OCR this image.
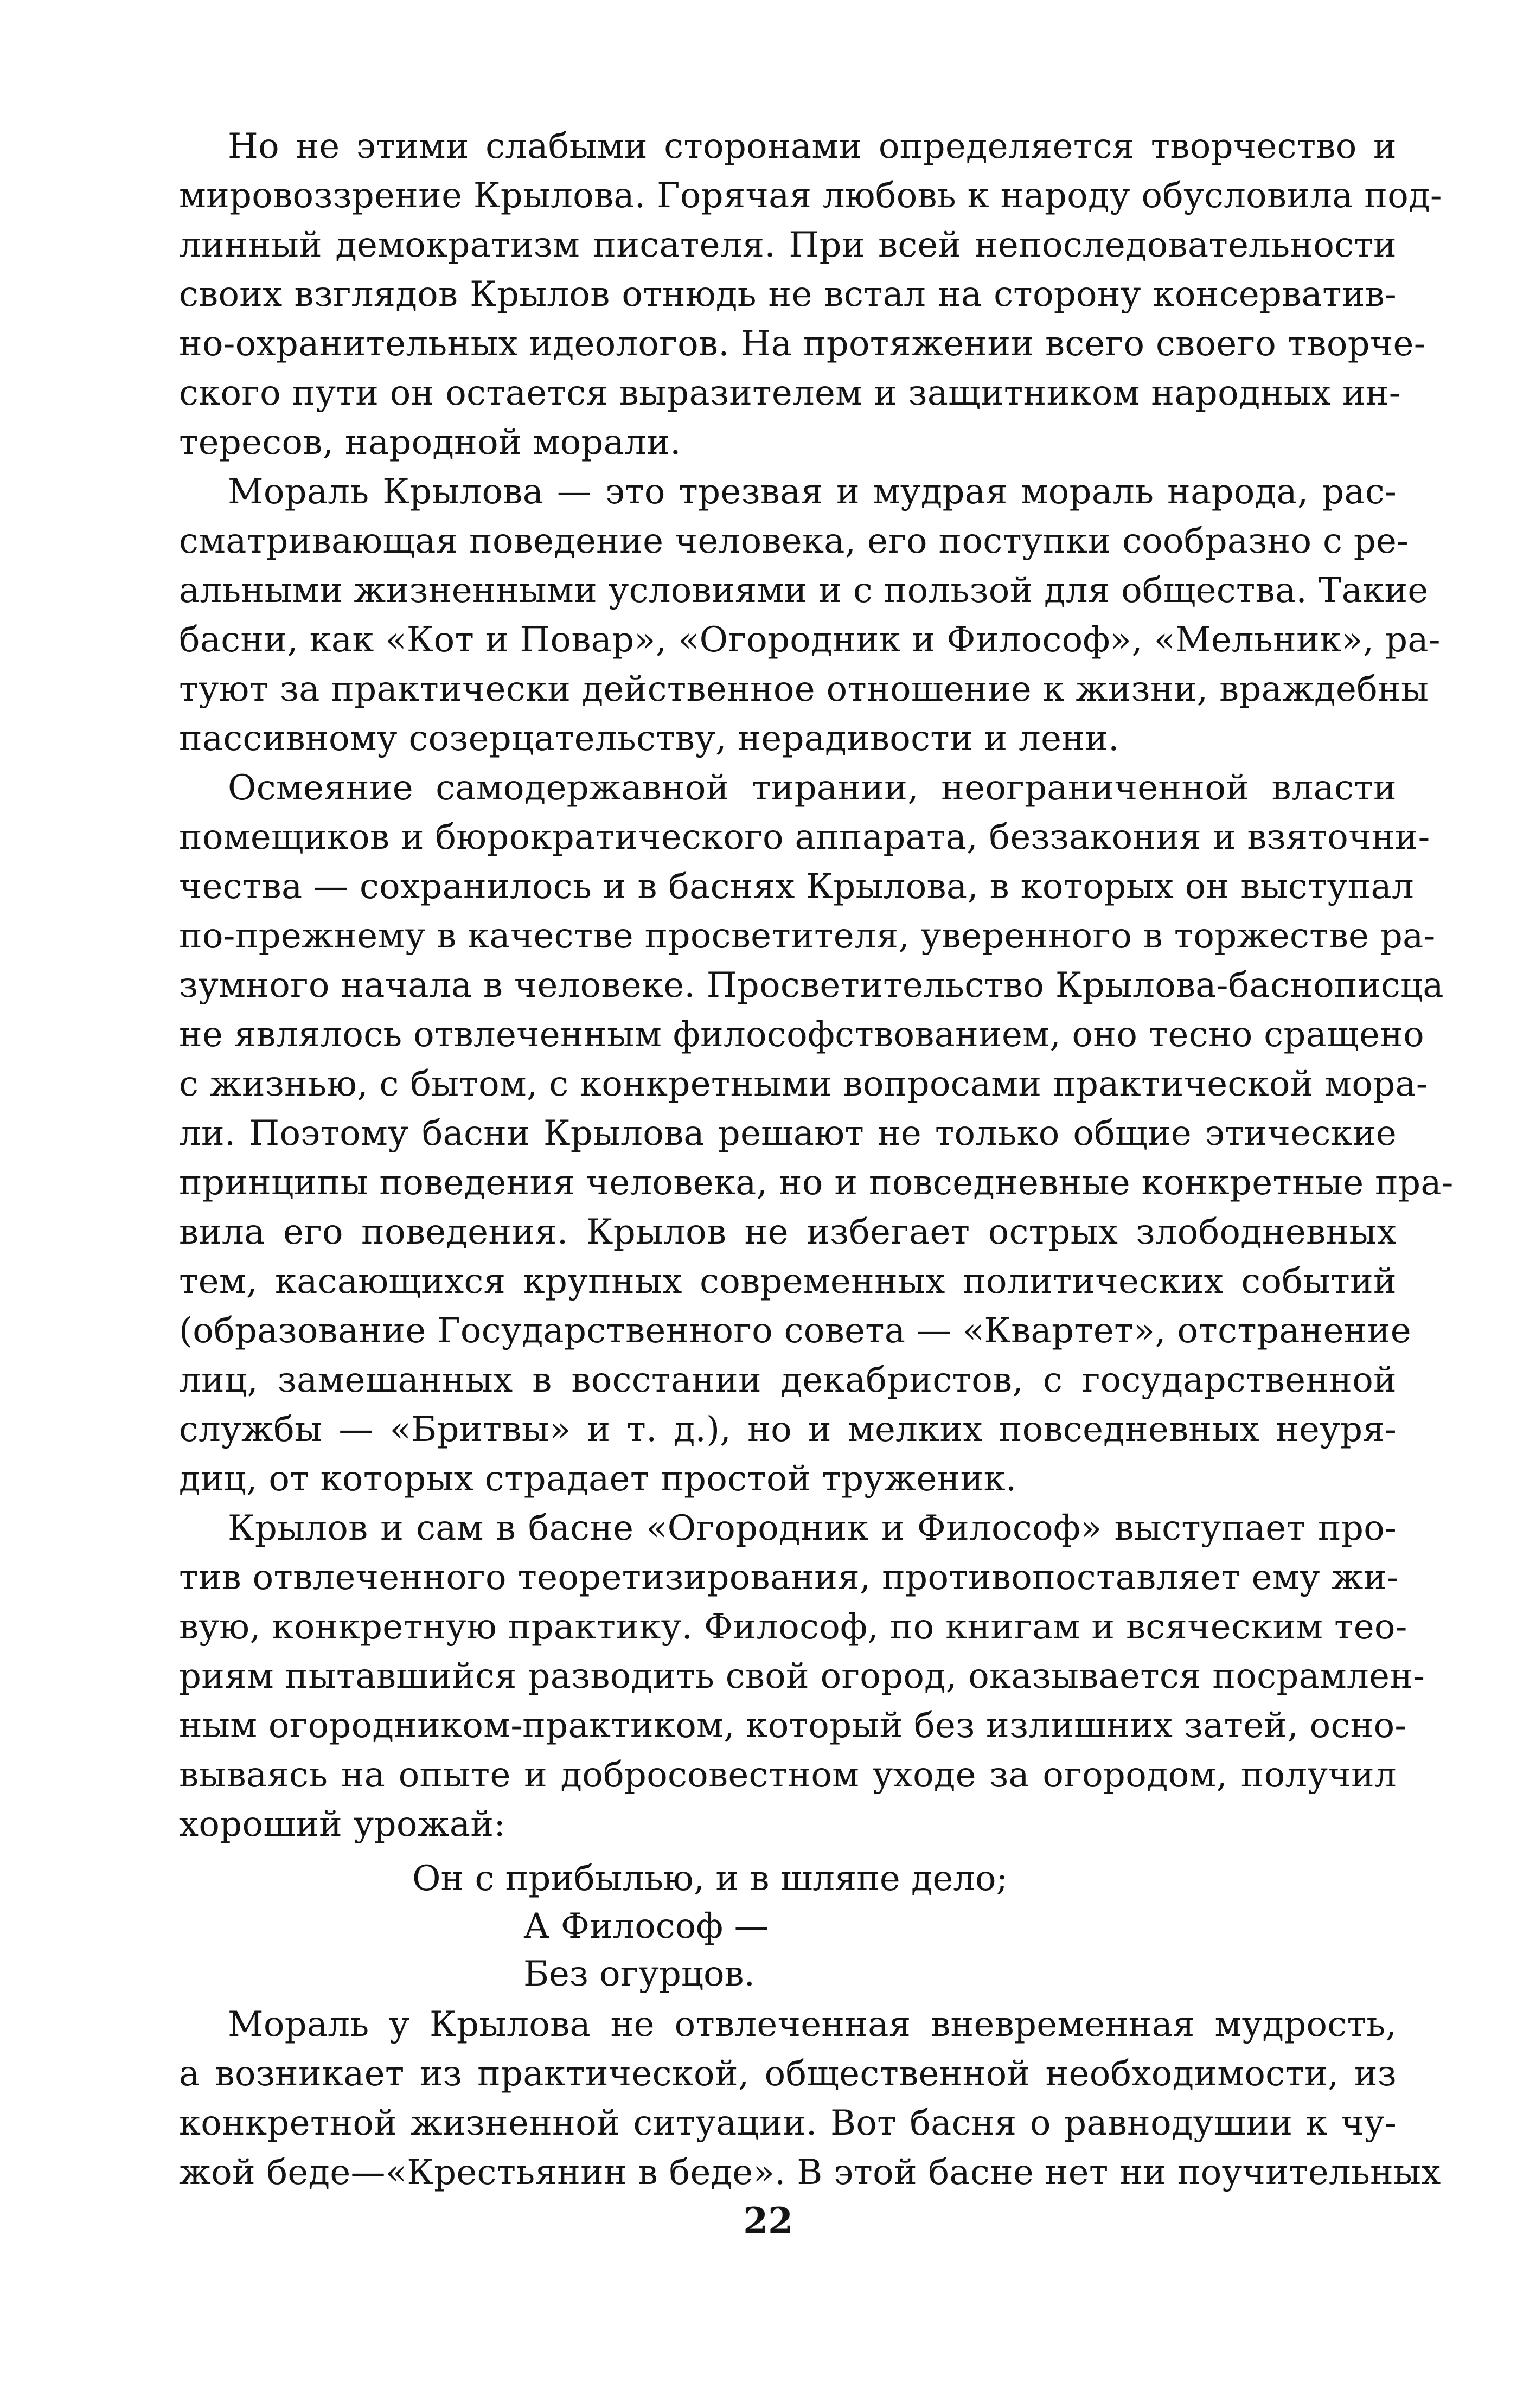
Но не этими слабыми сторонами определяется творчество и
мировоззрение Крылова. Горячая любовь к народу обусловила под-
линный демократизм писателя. При всей непоследовательности
своих взглядов Крылов отнюдь не встал на сторону консерватив-
но-охранительных идеологов. На протяжении всего своего творче-
ского пути он остается выразителем и защитником народных ин-
тересов, народной морали.
Мораль Крылова — это трезвая и мудрая мораль народа, рас-
сматривающая поведение человека, его поступки сообразно с ре-
альными жизненными условиями и с пользой для общества. Такие
басни, как «Кот и Повар», «Огородник и Философ», «Мельник», ра-
туют за практически действенное отношение к жизни, враждебны
пассивному созерцательству, нерадивости и лени.
Осмеяние самодержавной тирании, неограниченной власти
помещиков и бюрократического аппарата, беззакония и взяточни-
чества — сохранилось и в баснях Крылова, в которых он выступал
по-прежнему в качестве просветителя, уверенного в торжестве ра-
зумного начала в человеке. Просветительство Крылова-баснописца
не являлось отвлеченным философствованием, оно тесно сращено
с жизнью, с бытом, с конкретными вопросами практической мора-
ли. Поэтому басни Крылова решают не только общие этические
принципы поведения человека, но и повседневные конкретные пра-
вила его поведения. Крылов не избегает острых злободневных
тем, касающихся крупных современных политических событий
(образование Государственного совета — «Квартет», отстранение
лиц, замешанных в восстании декабристов, с государственной
службы — «Бритвы» и т. д.), но и мелких повседневных неуря-
диц, от которых страдает простой труженик.
Крылов и сам в басне «Огородник и Философ» выступает про-
тив отвлеченного теоретизирования, противопоставляет ему жи-
вую, конкретную практику. Философ, по книгам и всяческим тео-
риям пытавшийся разводить свой огород, оказывается посрамлен-
ным огородником-практиком, который без излишних затей, осно-
вываясь на опыте и добросовестном уходе за огородом, получил
хороший урожай:
Он с прибылью, и в шляпе дело;
А Философ —
Без огурцов.
Мораль у Крылова не отвлеченная вневременная мудрость,
а возникает из практической, общественной необходимости, из
конкретной жизненной ситуации. Вот басня о равнодушии к чу-
жой беде—«Крестьянин в беде». В этой басне нет ни поучительных
22
